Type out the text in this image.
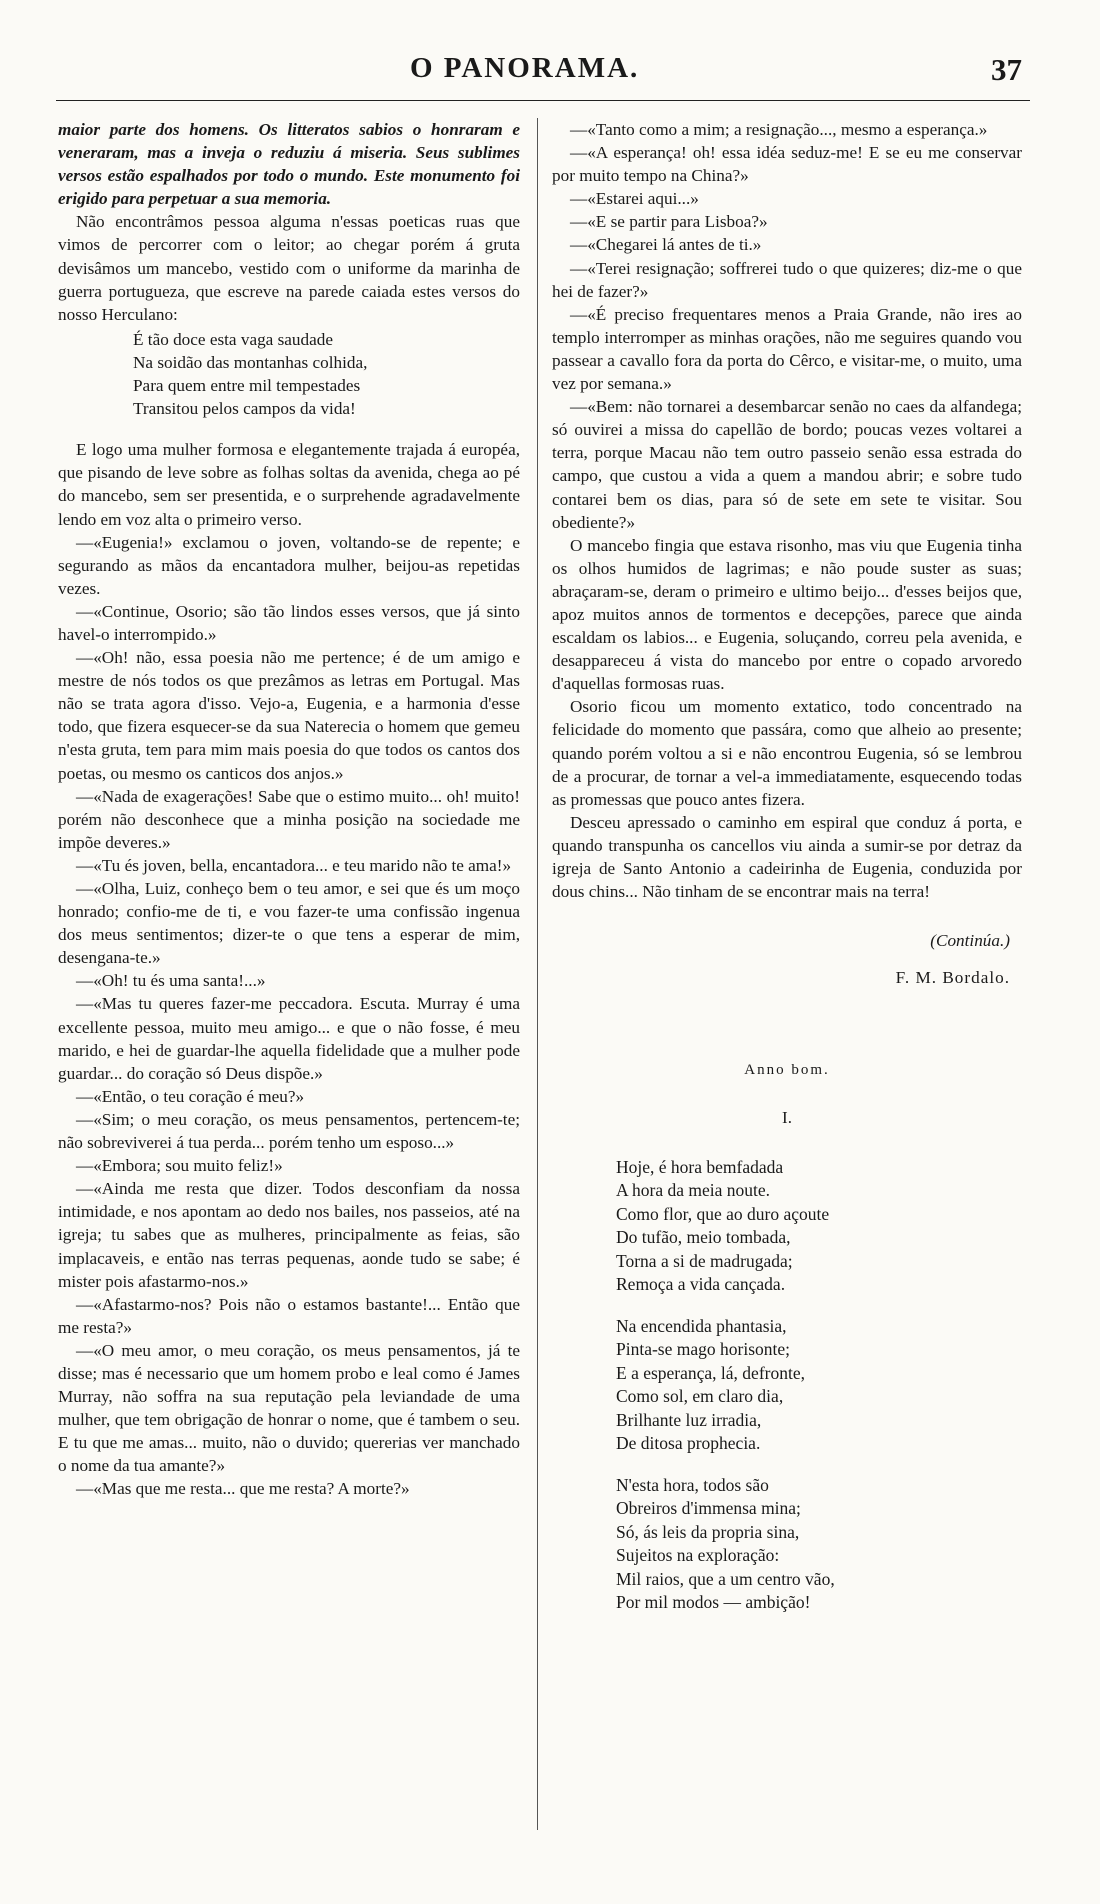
O PANORAMA.	37

maior parte dos homens. Os litteratos sabios o honraram e veneraram, mas a inveja o reduziu á miseria. Seus sublimes versos estão espalhados por todo o mundo. Este monumento foi erigido para perpetuar a sua memoria.

Não encontrâmos pessoa alguma n'essas poeticas ruas que vimos de percorrer com o leitor; ao chegar porém á gruta devisâmos um mancebo, vestido com o uniforme da marinha de guerra portugueza, que escreve na parede caiada estes versos do nosso Herculano:

É tão doce esta vaga saudade
Na soidão das montanhas colhida,
Para quem entre mil tempestades
Transitou pelos campos da vida!

E logo uma mulher formosa e elegantemente trajada á européa, que pisando de leve sobre as folhas soltas da avenida, chega ao pé do mancebo, sem ser presentida, e o surprehende agradavelmente lendo em voz alta o primeiro verso.

—«Eugenia!» exclamou o joven, voltando-se de repente; e segurando as mãos da encantadora mulher, beijou-as repetidas vezes.

—«Continue, Osorio; são tão lindos esses versos, que já sinto havel-o interrompido.»

—«Oh! não, essa poesia não me pertence; é de um amigo e mestre de nós todos os que prezâmos as letras em Portugal. Mas não se trata agora d'isso. Vejo-a, Eugenia, e a harmonia d'esse todo, que fizera esquecer-se da sua Naterecia o homem que gemeu n'esta gruta, tem para mim mais poesia do que todos os cantos dos poetas, ou mesmo os canticos dos anjos.»

—«Nada de exagerações! Sabe que o estimo muito... oh! muito! porém não desconhece que a minha posição na sociedade me impõe deveres.»

—«Tu és joven, bella, encantadora... e teu marido não te ama!»

—«Olha, Luiz, conheço bem o teu amor, e sei que és um moço honrado; confio-me de ti, e vou fazer-te uma confissão ingenua dos meus sentimentos; dizer-te o que tens a esperar de mim, desengana-te.»

—«Oh! tu és uma santa!...»

—«Mas tu queres fazer-me peccadora. Escuta. Murray é uma excellente pessoa, muito meu amigo... e que o não fosse, é meu marido, e hei de guardar-lhe aquella fidelidade que a mulher pode guardar... do coração só Deus dispõe.»

—«Então, o teu coração é meu?»

—«Sim; o meu coração, os meus pensamentos, pertencem-te; não sobreviverei á tua perda... porém tenho um esposo...»

—«Embora; sou muito feliz!»

—«Ainda me resta que dizer. Todos desconfiam da nossa intimidade, e nos apontam ao dedo nos bailes, nos passeios, até na igreja; tu sabes que as mulheres, principalmente as feias, são implacaveis, e então nas terras pequenas, aonde tudo se sabe; é mister pois afastarmo-nos.»

—«Afastarmo-nos? Pois não o estamos bastante!... Então que me resta?»

—«O meu amor, o meu coração, os meus pensamentos, já te disse; mas é necessario que um homem probo e leal como é James Murray, não soffra na sua reputação pela leviandade de uma mulher, que tem obrigação de honrar o nome, que é tambem o seu. E tu que me amas... muito, não o duvido; quererias ver manchado o nome da tua amante?»

—«Mas que me resta... que me resta? A morte?»

—«Tanto como a mim; a resignação..., mesmo a esperança.»

—«A esperança! oh! essa idéa seduz-me! E se eu me conservar por muito tempo na China?»

—«Estarei aqui...»

—«E se partir para Lisboa?»

—«Chegarei lá antes de ti.»

—«Terei resignação; soffrerei tudo o que quizeres; diz-me o que hei de fazer?»

—«É preciso frequentares menos a Praia Grande, não ires ao templo interromper as minhas orações, não me seguires quando vou passear a cavallo fora da porta do Cêrco, e visitar-me, o muito, uma vez por semana.»

—«Bem: não tornarei a desembarcar senão no caes da alfandega; só ouvirei a missa do capellão de bordo; poucas vezes voltarei a terra, porque Macau não tem outro passeio senão essa estrada do campo, que custou a vida a quem a mandou abrir; e sobre tudo contarei bem os dias, para só de sete em sete te visitar. Sou obediente?»

O mancebo fingia que estava risonho, mas viu que Eugenia tinha os olhos humidos de lagrimas; e não poude suster as suas; abraçaram-se, deram o primeiro e ultimo beijo... d'esses beijos que, apoz muitos annos de tormentos e decepções, parece que ainda escaldam os labios... e Eugenia, soluçando, correu pela avenida, e desappareceu á vista do mancebo por entre o copado arvoredo d'aquellas formosas ruas.

Osorio ficou um momento extatico, todo concentrado na felicidade do momento que passára, como que alheio ao presente; quando porém voltou a si e não encontrou Eugenia, só se lembrou de a procurar, de tornar a vel-a immediatamente, esquecendo todas as promessas que pouco antes fizera.

Desceu apressado o caminho em espiral que conduz á porta, e quando transpunha os cancellos viu ainda a sumir-se por detraz da igreja de Santo Antonio a cadeirinha de Eugenia, conduzida por dous chins... Não tinham de se encontrar mais na terra!

(Continúa.)
F. M. Bordalo.
Anno bom.
I.
Hoje, é hora bemfadada
A hora da meia noute.
Como flor, que ao duro açoute
Do tufão, meio tombada,
Torna a si de madrugada;
Remoça a vida cançada.
Na encendida phantasia,
Pinta-se mago horisonte;
E a esperança, lá, defronte,
Como sol, em claro dia,
Brilhante luz irradia,
De ditosa prophecia.
N'esta hora, todos são
Obreiros d'immensa mina;
Só, ás leis da propria sina,
Sujeitos na exploração:
Mil raios, que a um centro vão,
Por mil modos — ambição!
